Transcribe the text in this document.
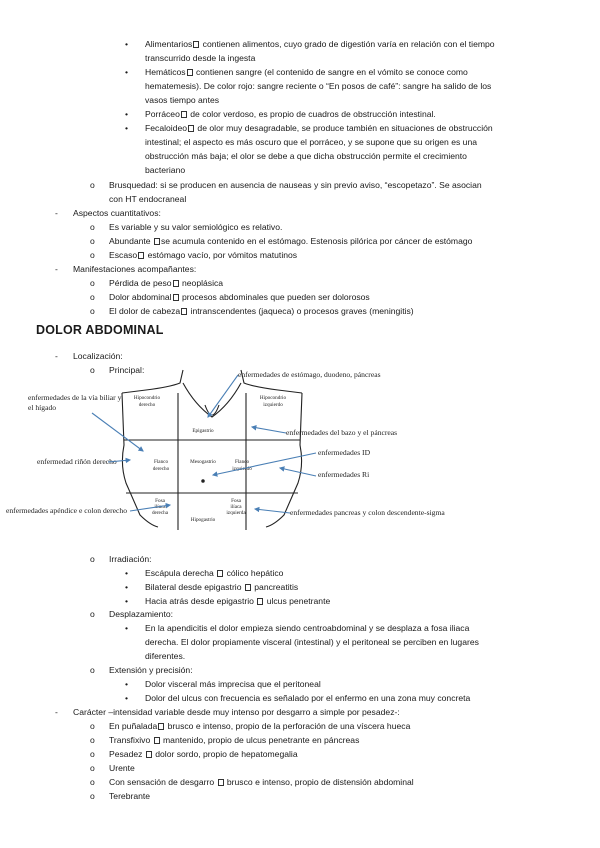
• Alimentarios contienen alimentos, cuyo grado de digestión varía en relación con el tiempo
transcurrido desde la ingesta
• Hemáticos contienen sangre (el contenido de sangre en el vómito se conoce como
hematemesis). De color rojo: sangre reciente o “En posos de café”: sangre ha salido de los
vasos tiempo antes
• Porráceo de color verdoso, es propio de cuadros de obstrucción intestinal.
• Fecaloideo de olor muy desagradable, se produce también en situaciones de obstrucción
intestinal; el aspecto es más oscuro que el porráceo, y se supone que su origen es una
obstrucción más baja; el olor se debe a que dicha obstrucción permite el crecimiento
bacteriano
o Brusquedad: si se producen en ausencia de nauseas y sin previo aviso, “escopetazo”. Se asocian
con HT endocraneal
- Aspectos cuantitativos:
o Es variable y su valor semiológico es relativo.
o Abundante se acumula contenido en el estómago. Estenosis pilórica por cáncer de estómago
o Escaso estómago vacío, por vómitos matutinos
- Manifestaciones acompañantes:
o Pérdida de peso neoplásica
o Dolor abdominal procesos abdominales que pueden ser dolorosos
o El dolor de cabeza intranscendentes (jaqueca) o procesos graves (meningitis)
DOLOR ABDOMINAL
- Localización:
o Principal:
Hipocondrio
derecho
Epigastrio
Hipocondrio
izquierdo
Flanco
derecho
Mesogastrio	Flanco
izquierdo
Fosa
ilíaca
derecha
Hipogastrio
Fosa
ilíaca
izquierda
enfermedades de estómago, duodeno, páncreas
enfermedades de la vía biliar y
el hígado
enfermedades del bazo y el páncreas
enfermedades ID
enfermedad riñón derecho
enfermedades Ri
enfermedades apéndice e colon derecho	enfermedades pancreas y colon descendente-sigma
o Irradiación:
• Escápula derecha  cólico hepático
• Bilateral desde epigastrio  pancreatitis
• Hacia atrás desde epigastrio  ulcus penetrante
o Desplazamiento:
• En la apendicitis el dolor empieza siendo centroabdominal y se desplaza a fosa iliaca
derecha. El dolor propiamente visceral (intestinal) y el peritoneal se perciben en lugares
diferentes.
o Extensión y precisión:
• Dolor visceral más imprecisa que el peritoneal
• Dolor del ulcus con frecuencia es señalado por el enfermo en una zona muy concreta
- Carácter –intensidad variable desde muy intenso por desgarro a simple por pesadez-:
o En puñalada brusco e intenso, propio de la perforación de una víscera hueca
o Transfixivo  mantenido, propio de ulcus penetrante en páncreas
o Pesadez  dolor sordo, propio de hepatomegalia
o Urente
o Con sensación de desgarro  brusco e intenso, propio de distensión abdominal
o Terebrante
